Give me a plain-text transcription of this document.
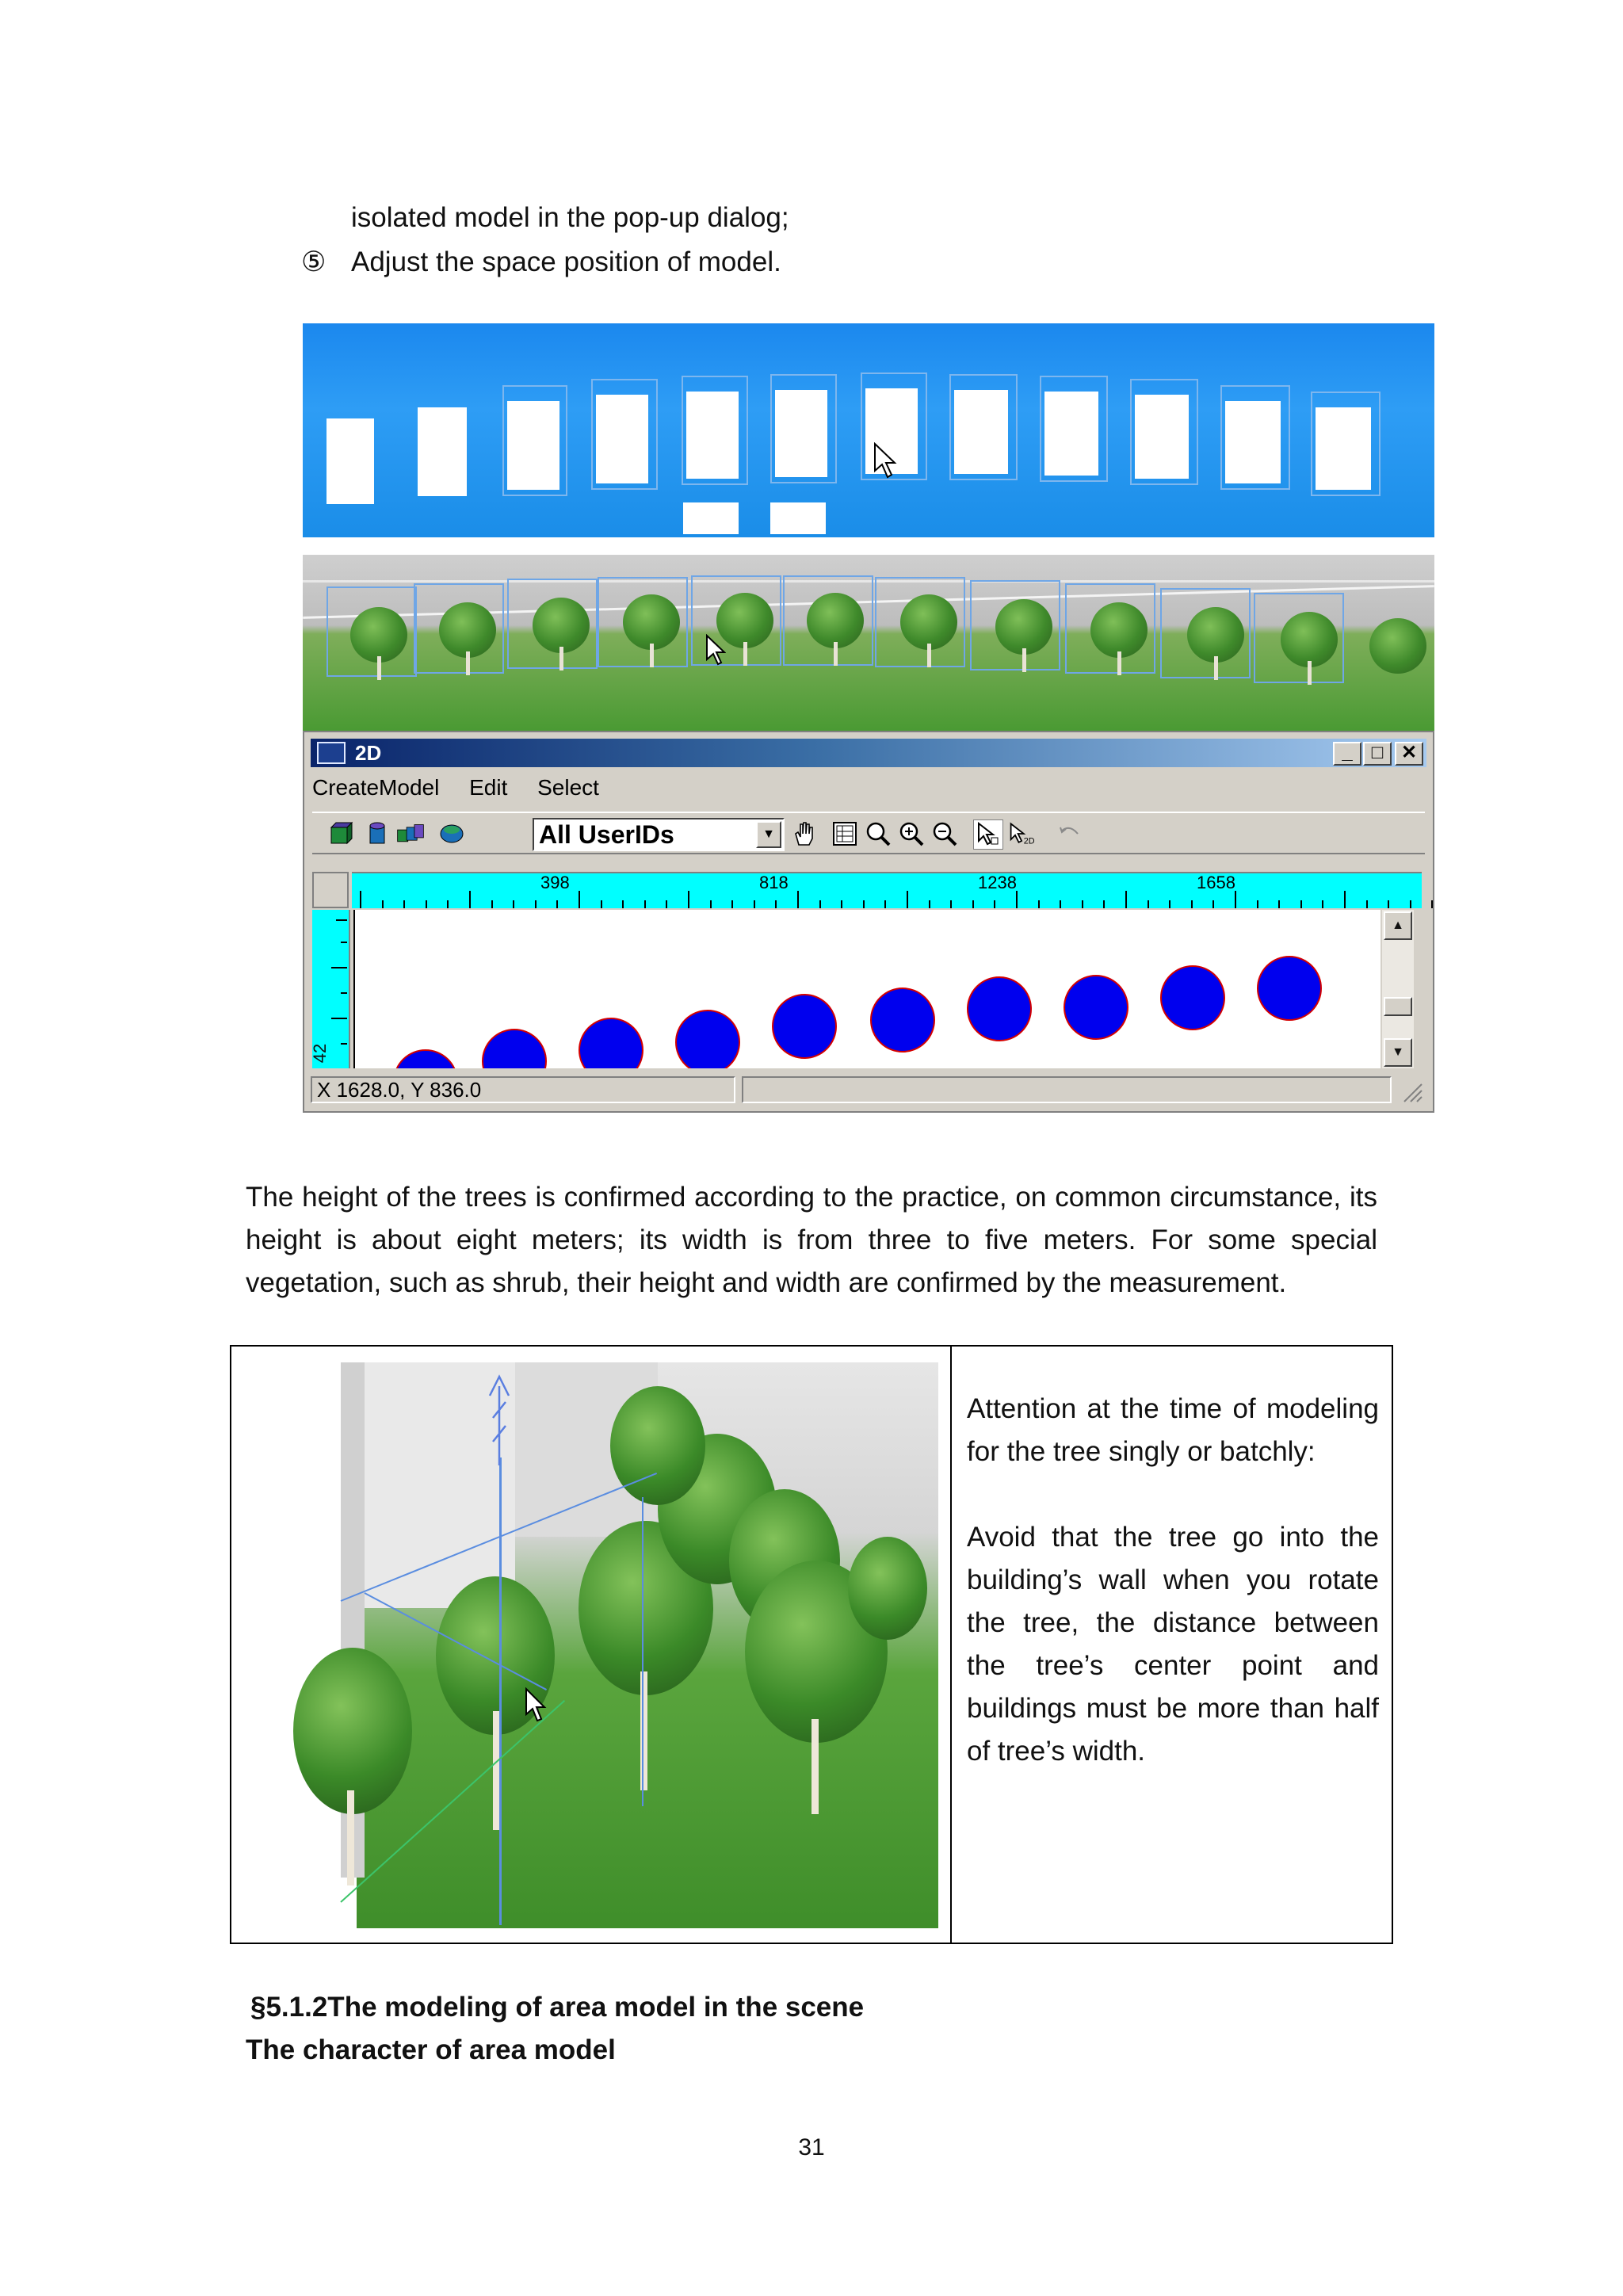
isolated model in the pop-up dialog;
⑤ Adjust the space position of model.
2D	_	□ ✕
CreateModel Edit Select
All UserIDs	▼
2D
398	818	1238	1658
42
▲
▼
X 1628.0, Y 836.0
The height of the trees is confirmed according to the practice, on common circumstance, its height is about eight meters; its width is from three to five meters. For some special vegetation, such as shrub, their height and width are confirmed by the measurement.
Attention at the time of modeling for the tree singly or batchly:
Avoid that the tree go into the building’s wall when you rotate the tree, the distance between the tree’s center point and buildings must be more than half of tree’s width.
§5.1.2The modeling of area model in the scene
The character of area model
31
